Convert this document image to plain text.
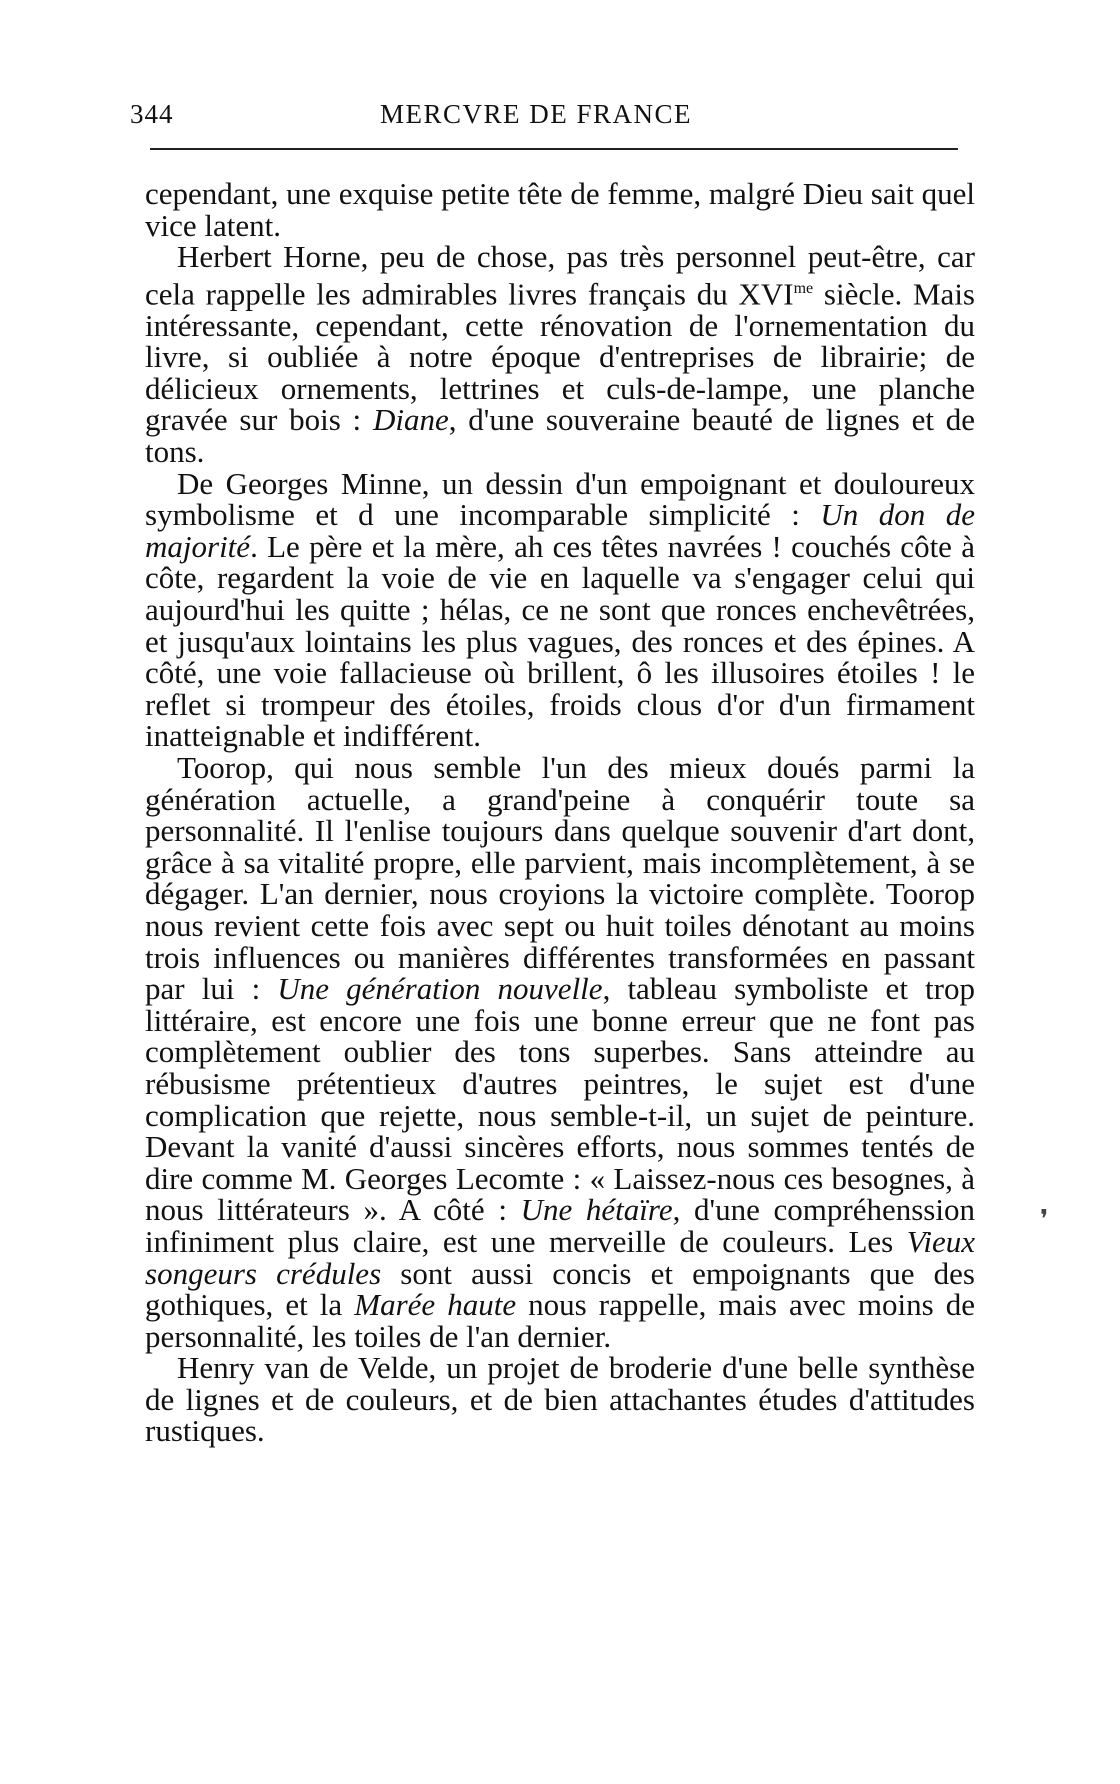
344	MERCVRE DE FRANCE

cependant, une exquise petite tête de femme, malgré Dieu sait quel vice latent.

Herbert Horne, peu de chose, pas très personnel peut-être, car cela rappelle les admirables livres français du $XVI^{me}$ siècle. Mais intéressante, cependant, cette rénovation de l'ornementation du livre, si oubliée à notre époque d'entreprises de librairie; de délicieux ornements, lettrines et culs-de-lampe, une planche gravée sur bois : Diane, d'une souveraine beauté de lignes et de tons.

De Georges Minne, un dessin d'un empoignant et douloureux symbolisme et d une incomparable simplicité : Un don de majorité. Le père et la mère, ah ces têtes navrées ! couchés côte à côte, regardent la voie de vie en laquelle va s'engager celui qui aujourd'hui les quitte ; hélas, ce ne sont que ronces enchevêtrées, et jusqu'aux lointains les plus vagues, des ronces et des épines. A côté, une voie fallacieuse où brillent, ô les illusoires étoiles ! le reflet si trompeur des étoiles, froids clous d'or d'un firmament inatteignable et indifférent.

Toorop, qui nous semble l'un des mieux doués parmi la génération actuelle, a grand'peine à conquérir toute sa personnalité. Il l'enlise toujours dans quelque souvenir d'art dont, grâce à sa vitalité propre, elle parvient, mais incomplètement, à se dégager. L'an dernier, nous croyions la victoire complète. Toorop nous revient cette fois avec sept ou huit toiles dénotant au moins trois influences ou manières différentes transformées en passant par lui : Une génération nouvelle, tableau symboliste et trop littéraire, est encore une fois une bonne erreur que ne font pas complètement oublier des tons superbes. Sans atteindre au rébusisme prétentieux d'autres peintres, le sujet est d'une complication que rejette, nous semble-t-il, un sujet de peinture. Devant la vanité d'aussi sincères efforts, nous sommes tentés de dire comme M. Georges Lecomte : « Laissez-nous ces besognes, à nous littérateurs ». A côté : Une hétaïre, d'une compréhenssion infiniment plus claire, est une merveille de couleurs. Les Vieux songeurs crédules sont aussi concis et empoignants que des gothiques, et la Marée haute nous rappelle, mais avec moins de personnalité, les toiles de l'an dernier.

Henry van de Velde, un projet de broderie d'une belle synthèse de lignes et de couleurs, et de bien attachantes études d'attitudes rustiques.

❜
